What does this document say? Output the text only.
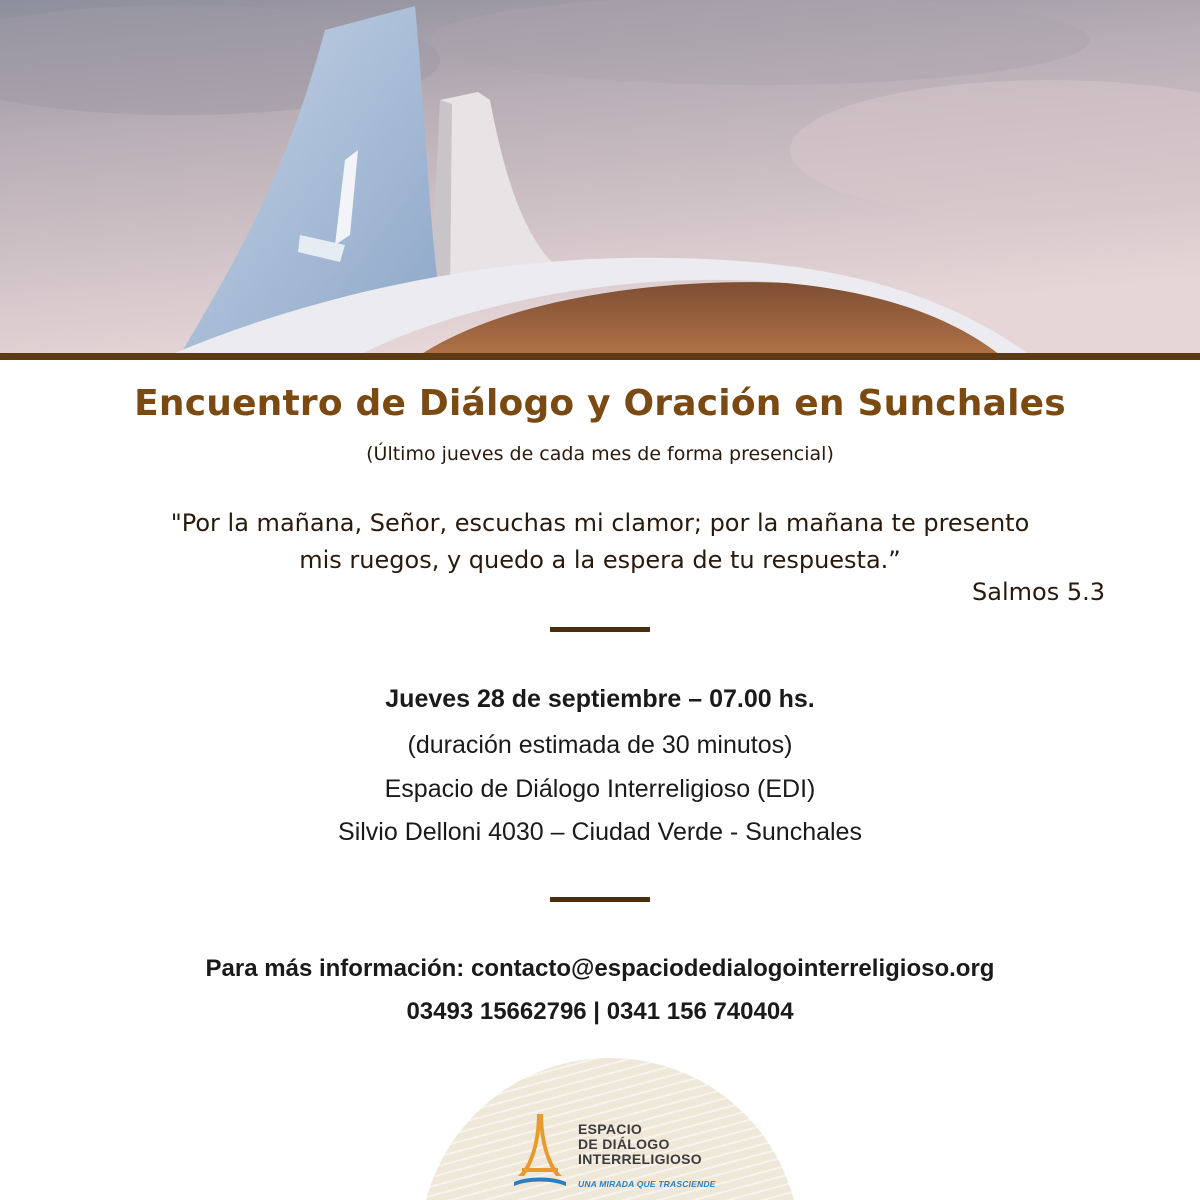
Encuentro de Diálogo y Oración en Sunchales
(Último jueves de cada mes de forma presencial)
"Por la mañana, Señor, escuchas mi clamor; por la mañana te presento
mis ruegos, y quedo a la espera de tu respuesta.”
Salmos 5.3
Jueves 28 de septiembre – 07.00 hs.
(duración estimada de 30 minutos)
Espacio de Diálogo Interreligioso (EDI)
Silvio Delloni 4030 – Ciudad Verde - Sunchales
Para más información: contacto@espaciodedialogointerreligioso.org
03493 15662796 | 0341 156 740404
ESPACIO
DE DIÁLOGO
INTERRELIGIOSO
UNA MIRADA QUE TRASCIENDE
